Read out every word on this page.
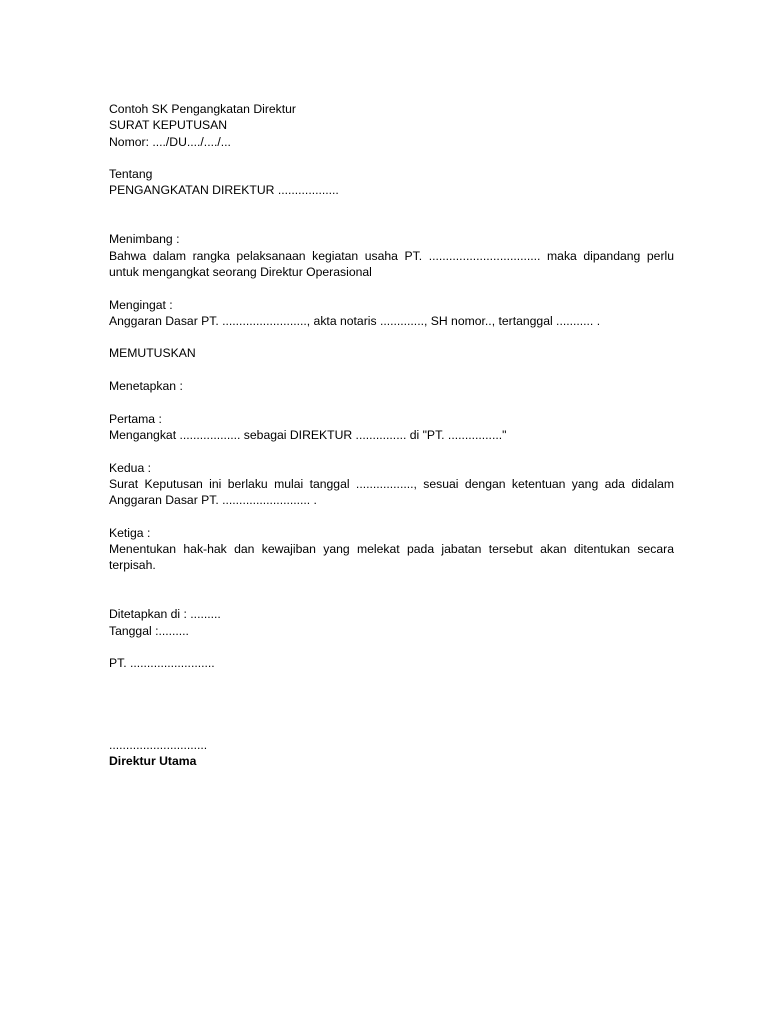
Contoh SK Pengangkatan Direktur

SURAT KEPUTUSAN

Nomor: ..../DU..../..../...

Tentang

PENGANGKATAN DIREKTUR ..................

Menimbang :

Bahwa dalam rangka pelaksanaan kegiatan usaha PT. ................................. maka dipandang perlu untuk mengangkat seorang Direktur Operasional

Mengingat :

Anggaran Dasar PT. ........................., akta notaris ............., SH nomor.., tertanggal ........... .

MEMUTUSKAN

Menetapkan :

Pertama :

Mengangkat .................. sebagai DIREKTUR ............... di "PT. ................"

Kedua :

Surat Keputusan ini berlaku mulai tanggal ................., sesuai dengan ketentuan yang ada didalam Anggaran Dasar PT. .......................... .

Ketiga :

Menentukan hak-hak dan kewajiban yang melekat pada jabatan tersebut akan ditentukan secara terpisah.

Ditetapkan di : .........

Tanggal :.........

PT. .........................

.............................

Direktur Utama
